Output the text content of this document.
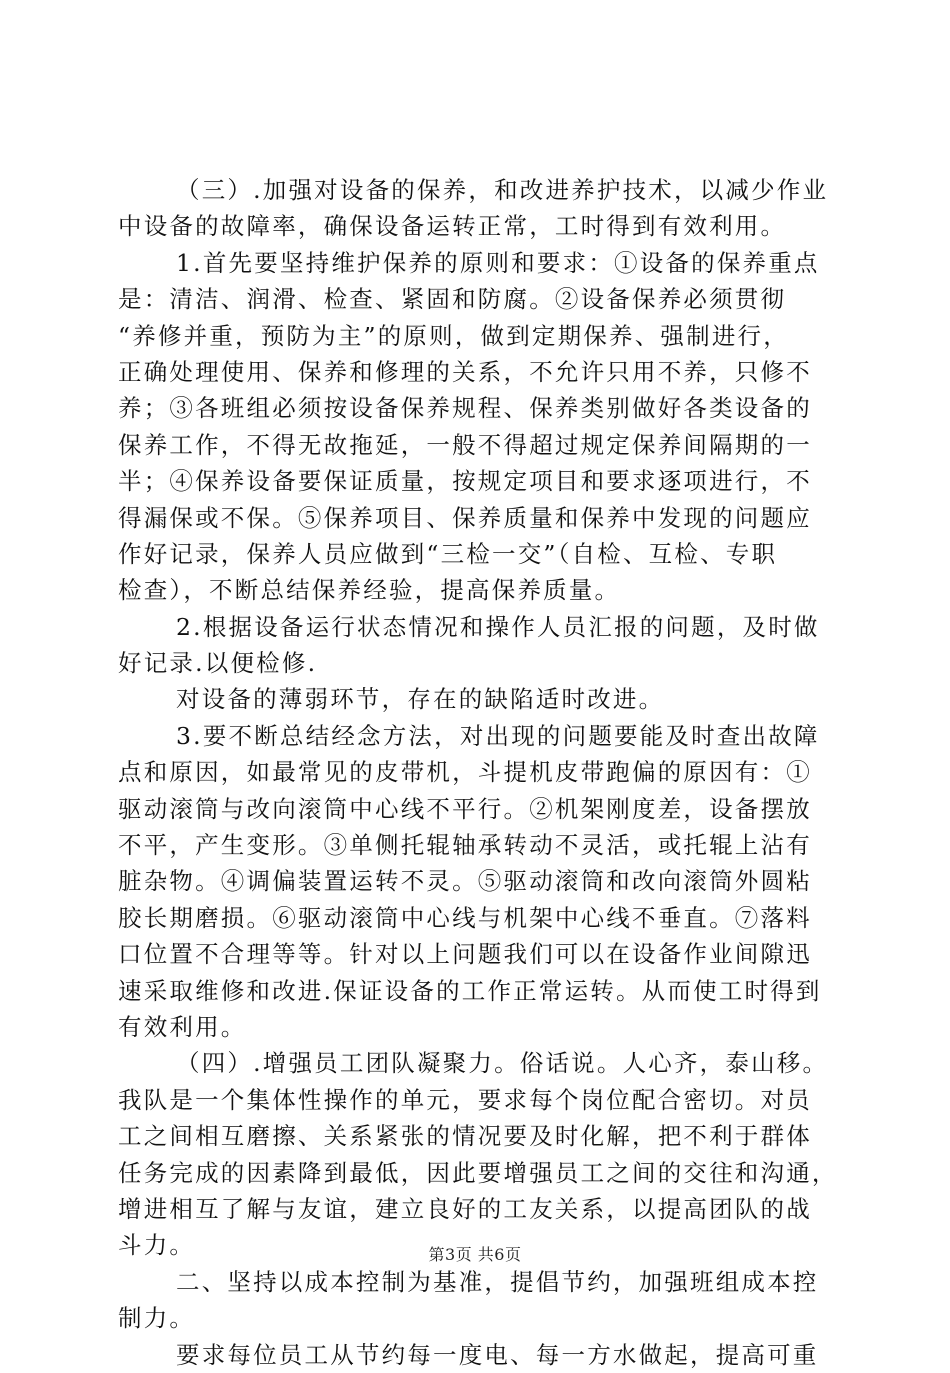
（三）.加强对设备的保养，和改进养护技术，以减少作业
中设备的故障率，确保设备运转正常，工时得到有效利用。
1.首先要坚持维护保养的原则和要求：①设备的保养重点
是：清洁、润滑、检查、紧固和防腐。②设备保养必须贯彻
“养修并重，预防为主”的原则，做到定期保养、强制进行，
正确处理使用、保养和修理的关系，不允许只用不养，只修不
养；③各班组必须按设备保养规程、保养类别做好各类设备的
保养工作，不得无故拖延，一般不得超过规定保养间隔期的一
半；④保养设备要保证质量，按规定项目和要求逐项进行，不
得漏保或不保。⑤保养项目、保养质量和保养中发现的问题应
作好记录，保养人员应做到“三检一交”（自检、互检、专职
检查），不断总结保养经验，提高保养质量。
2.根据设备运行状态情况和操作人员汇报的问题，及时做
好记录.以便检修.
对设备的薄弱环节，存在的缺陷适时改进。
3.要不断总结经念方法，对出现的问题要能及时查出故障
点和原因，如最常见的皮带机，斗提机皮带跑偏的原因有：①
驱动滚筒与改向滚筒中心线不平行。②机架刚度差，设备摆放
不平，产生变形。③单侧托辊轴承转动不灵活，或托辊上沾有
脏杂物。④调偏装置运转不灵。⑤驱动滚筒和改向滚筒外圆粘
胶长期磨损。⑥驱动滚筒中心线与机架中心线不垂直。⑦落料
口位置不合理等等。针对以上问题我们可以在设备作业间隙迅
速采取维修和改进.保证设备的工作正常运转。从而使工时得到
有效利用。
（四）.增强员工团队凝聚力。俗话说。人心齐，泰山移。
我队是一个集体性操作的单元，要求每个岗位配合密切。对员
工之间相互磨擦、关系紧张的情况要及时化解，把不利于群体
任务完成的因素降到最低，因此要增强员工之间的交往和沟通，
增进相互了解与友谊，建立良好的工友关系，以提高团队的战
斗力。
二、坚持以成本控制为基准，提倡节约，加强班组成本控
制力。
要求每位员工从节约每一度电、每一方水做起，提高可重
第3页 共6页
